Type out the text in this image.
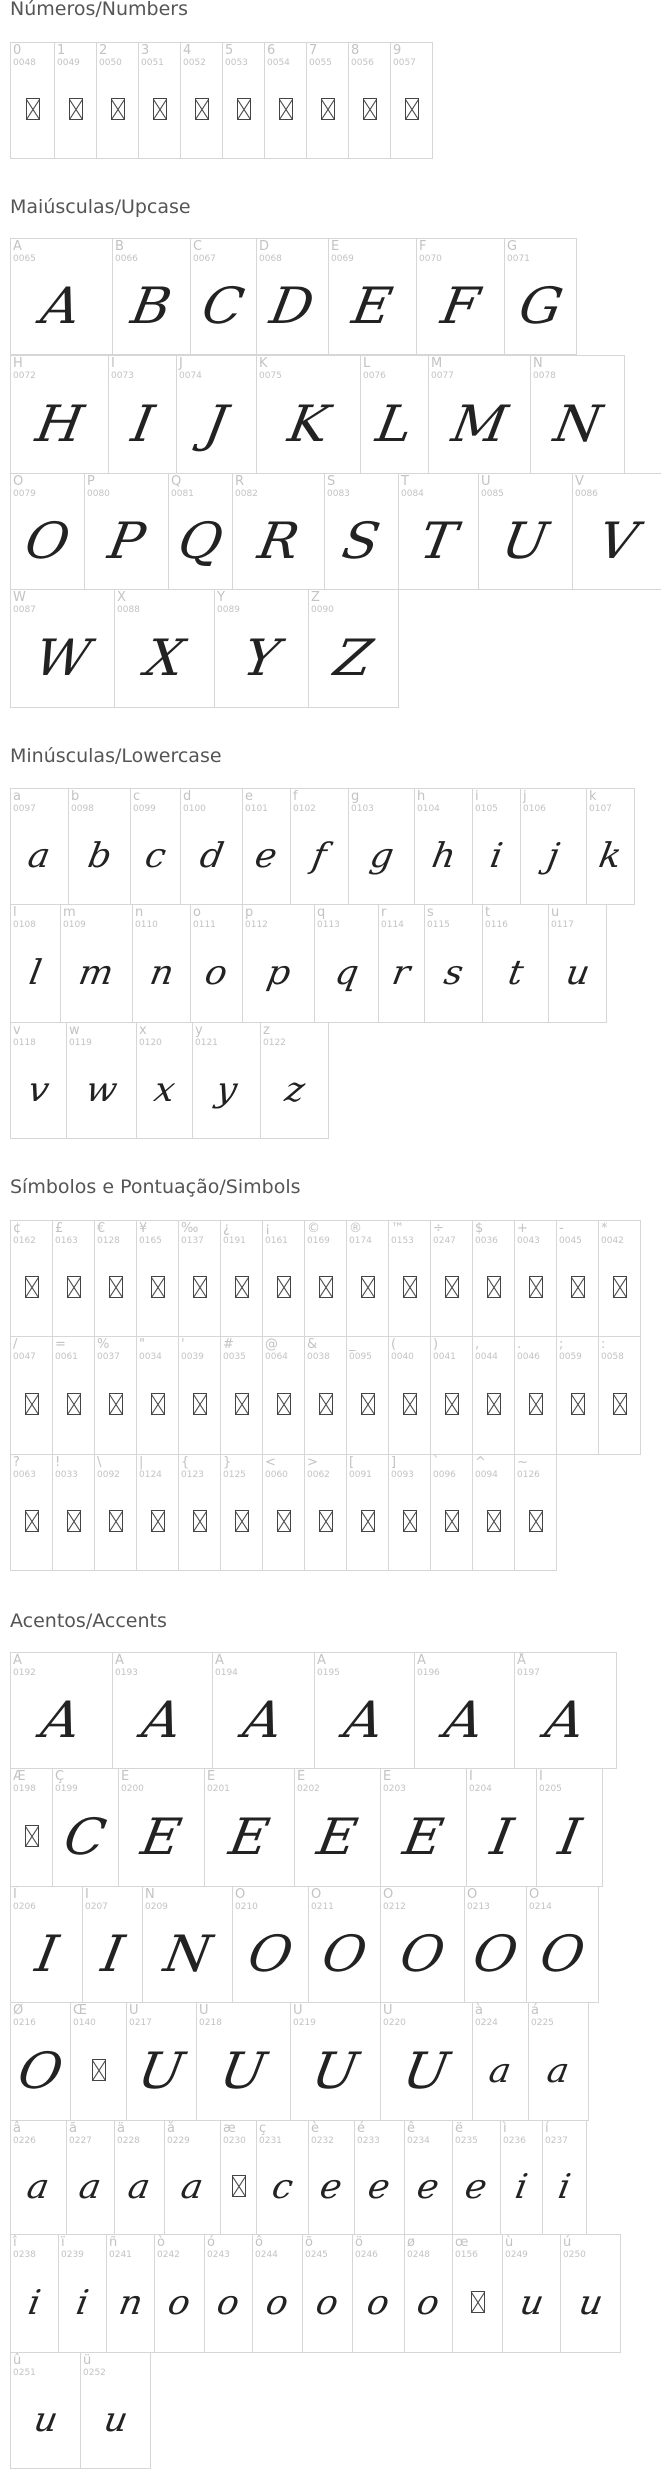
Números/Numbers
Maiúsculas/Upcase
Minúsculas/Lowercase
Símbolos e Pontuação/Simbols
Acentos/Accents
0
0048
1
0049
2
0050
3
0051
4
0052
5
0053
6
0054
7
0055
8
0056
9
0057
A
0065
A
B
0066
B
C
0067
C
D
0068
D
E
0069
E
F
0070
F
G
0071
G
H
0072
H
I
0073
I
J
0074
J
K
0075
K
L
0076
L
M
0077
M
N
0078
N
O
0079
O
P
0080
P
Q
0081
Q
R
0082
R
S
0083
S
T
0084
T
U
0085
U
V
0086
V
W
0087
W
X
0088
X
Y
0089
Y
Z
0090
Z
a
0097
a
b
0098
b
c
0099
c
d
0100
d
e
0101
e
f
0102
f
g
0103
g
h
0104
h
i
0105
i
j
0106
j
k
0107
k
l
0108
l
m
0109
m
n
0110
n
o
0111
o
p
0112
p
q
0113
q
r
0114
r
s
0115
s
t
0116
t
u
0117
u
v
0118
v
w
0119
w
x
0120
x
y
0121
y
z
0122
z
¢
0162
£
0163
€
0128
¥
0165
‰
0137
¿
0191
¡
0161
©
0169
®
0174
™
0153
÷
0247
$
0036
+
0043
-
0045
*
0042
/
0047
=
0061
%
0037
"
0034
'
0039
#
0035
@
0064
&
0038
_
0095
(
0040
)
0041
,
0044
.
0046
;
0059
:
0058
?
0063
!
0033
\
0092
|
0124
{
0123
}
0125
<
0060
>
0062
[
0091
]
0093
`
0096
^
0094
~
0126
À
0192
A
Á
0193
A
Â
0194
A
Ã
0195
A
Ä
0196
A
Å
0197
A
Æ
0198
Ç
0199
C
È
0200
E
É
0201
E
Ê
0202
E
Ë
0203
E
Ì
0204
I
Í
0205
I
Î
0206
I
Ï
0207
I
Ñ
0209
N
Ò
0210
O
Ó
0211
O
Ô
0212
O
Õ
0213
O
Ö
0214
O
Ø
0216
O
Œ
0140
Ù
0217
U
Ú
0218
U
Û
0219
U
Ü
0220
U
à
0224
a
á
0225
a
â
0226
a
ã
0227
a
ä
0228
a
å
0229
a
æ
0230
ç
0231
c
è
0232
e
é
0233
e
ê
0234
e
ë
0235
e
ì
0236
i
í
0237
i
î
0238
i
ï
0239
i
ñ
0241
n
ò
0242
o
ó
0243
o
ô
0244
o
õ
0245
o
ö
0246
o
ø
0248
o
œ
0156
ù
0249
u
ú
0250
u
û
0251
u
ü
0252
u
